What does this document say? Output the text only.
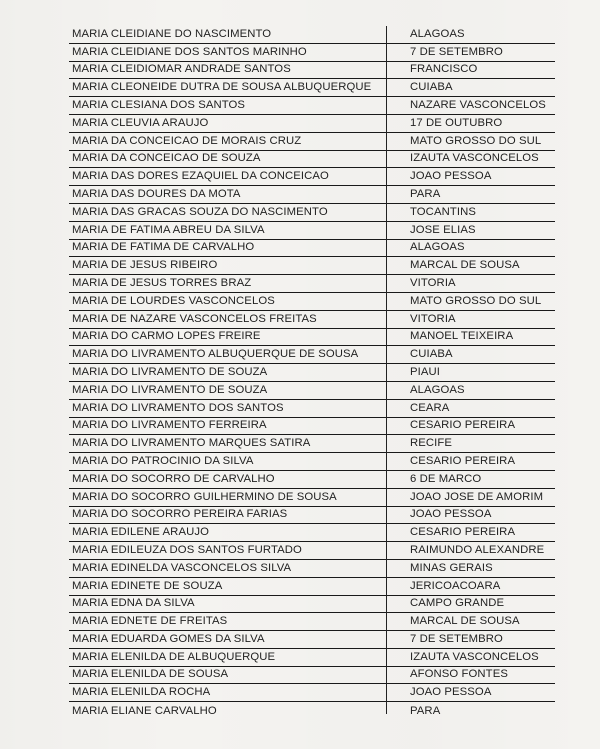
MARIA CLEIDIANE DO NASCIMENTO	ALAGOAS
MARIA CLEIDIANE DOS SANTOS MARINHO	7 DE SETEMBRO
MARIA CLEIDIOMAR ANDRADE SANTOS	FRANCISCO
MARIA CLEONEIDE DUTRA DE SOUSA ALBUQUERQUE	CUIABA
MARIA CLESIANA DOS SANTOS	NAZARE VASCONCELOS
MARIA CLEUVIA ARAUJO	17 DE OUTUBRO
MARIA DA CONCEICAO DE MORAIS CRUZ	MATO GROSSO DO SUL
MARIA DA CONCEICAO DE SOUZA	IZAUTA VASCONCELOS
MARIA DAS DORES EZAQUIEL DA CONCEICAO	JOAO PESSOA
MARIA DAS DOURES DA MOTA	PARA
MARIA DAS GRACAS SOUZA DO NASCIMENTO	TOCANTINS
MARIA DE FATIMA ABREU DA SILVA	JOSE ELIAS
MARIA DE FATIMA DE CARVALHO	ALAGOAS
MARIA DE JESUS RIBEIRO	MARCAL DE SOUSA
MARIA DE JESUS TORRES BRAZ	VITORIA
MARIA DE LOURDES VASCONCELOS	MATO GROSSO DO SUL
MARIA DE NAZARE VASCONCELOS FREITAS	VITORIA
MARIA DO CARMO LOPES FREIRE	MANOEL TEIXEIRA
MARIA DO LIVRAMENTO ALBUQUERQUE DE SOUSA	CUIABA
MARIA DO LIVRAMENTO DE SOUZA	PIAUI
MARIA DO LIVRAMENTO DE SOUZA	ALAGOAS
MARIA DO LIVRAMENTO DOS SANTOS	CEARA
MARIA DO LIVRAMENTO FERREIRA	CESARIO PEREIRA
MARIA DO LIVRAMENTO MARQUES SATIRA	RECIFE
MARIA DO PATROCINIO DA SILVA	CESARIO PEREIRA
MARIA DO SOCORRO DE CARVALHO	6 DE MARCO
MARIA DO SOCORRO GUILHERMINO DE SOUSA	JOAO JOSE DE AMORIM
MARIA DO SOCORRO PEREIRA FARIAS	JOAO PESSOA
MARIA EDILENE ARAUJO	CESARIO PEREIRA
MARIA EDILEUZA DOS SANTOS FURTADO	RAIMUNDO ALEXANDRE
MARIA EDINELDA VASCONCELOS SILVA	MINAS GERAIS
MARIA EDINETE DE SOUZA	JERICOACOARA
MARIA EDNA DA SILVA	CAMPO GRANDE
MARIA EDNETE DE FREITAS	MARCAL DE SOUSA
MARIA EDUARDA GOMES DA SILVA	7 DE SETEMBRO
MARIA ELENILDA DE ALBUQUERQUE	IZAUTA VASCONCELOS
MARIA ELENILDA DE SOUSA	AFONSO FONTES
MARIA ELENILDA ROCHA	JOAO PESSOA
MARIA ELIANE CARVALHO	PARA
